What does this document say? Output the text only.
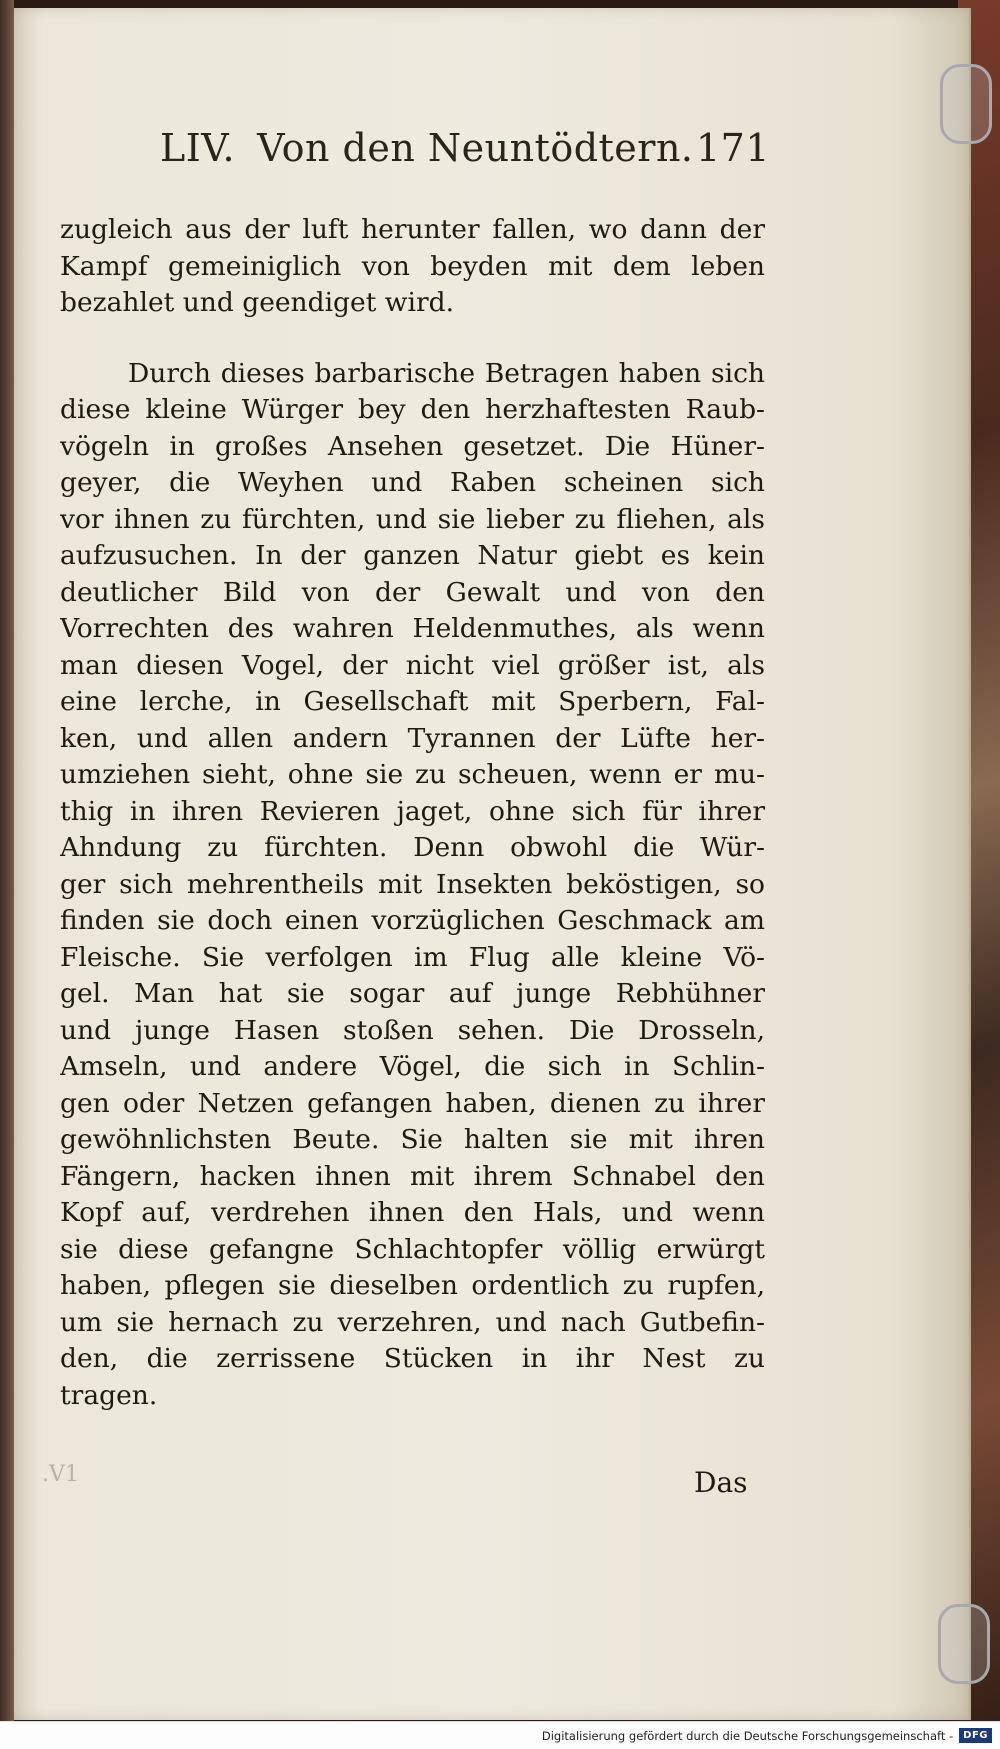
LIV. Von den Neuntödtern. 171
.V1
zugleich aus der luft herunter fallen, wo dann der
Kampf gemeiniglich von beyden mit dem leben
bezahlet und geendiget wird.
Durch dieses barbarische Betragen haben sich
diese kleine Würger bey den herzhaftesten Raub-
vögeln in großes Ansehen gesetzet. Die Hüner-
geyer, die Weyhen und Raben scheinen sich
vor ihnen zu fürchten, und sie lieber zu fliehen, als
aufzusuchen. In der ganzen Natur giebt es kein
deutlicher Bild von der Gewalt und von den
Vorrechten des wahren Heldenmuthes, als wenn
man diesen Vogel, der nicht viel größer ist, als
eine lerche, in Gesellschaft mit Sperbern, Fal-
ken, und allen andern Tyrannen der Lüfte her-
umziehen sieht, ohne sie zu scheuen, wenn er mu-
thig in ihren Revieren jaget, ohne sich für ihrer
Ahndung zu fürchten. Denn obwohl die Wür-
ger sich mehrentheils mit Insekten beköstigen, so
finden sie doch einen vorzüglichen Geschmack am
Fleische. Sie verfolgen im Flug alle kleine Vö-
gel. Man hat sie sogar auf junge Rebhühner
und junge Hasen stoßen sehen. Die Drosseln,
Amseln, und andere Vögel, die sich in Schlin-
gen oder Netzen gefangen haben, dienen zu ihrer
gewöhnlichsten Beute. Sie halten sie mit ihren
Fängern, hacken ihnen mit ihrem Schnabel den
Kopf auf, verdrehen ihnen den Hals, und wenn
sie diese gefangne Schlachtopfer völlig erwürgt
haben, pflegen sie dieselben ordentlich zu rupfen,
um sie hernach zu verzehren, und nach Gutbefin-
den, die zerrissene Stücken in ihr Nest zu
tragen.
Das
Digitalisierung gefördert durch die Deutsche Forschungsgemeinschaft -	DFG
